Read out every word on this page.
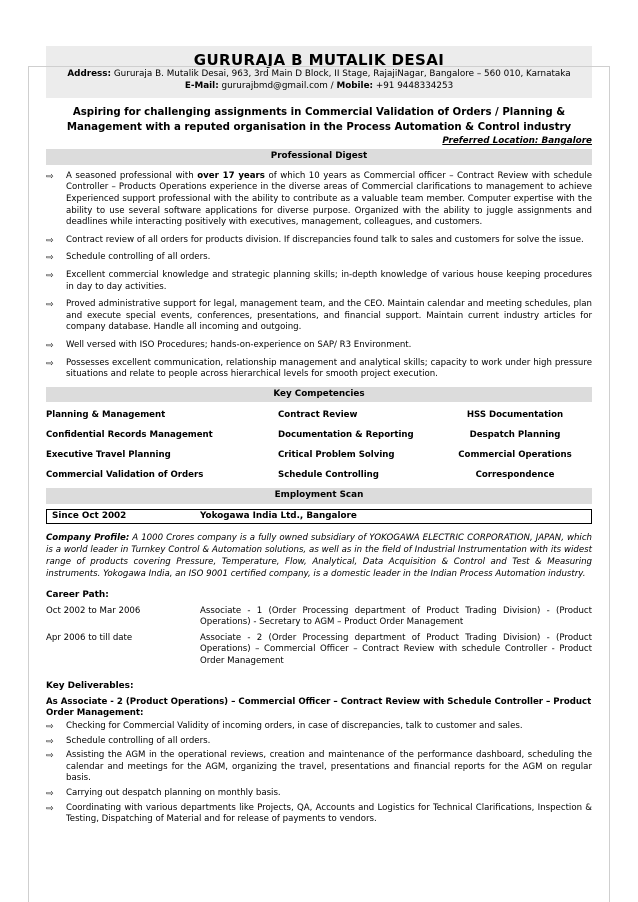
GURURAJA B MUTALIK DESAI
Address: Gururaja B. Mutalik Desai, 963, 3rd Main D Block, II Stage, RajajiNagar, Bangalore – 560 010, Karnataka
E-Mail: gururajbmd@gmail.com / Mobile: +91 9448334253
Aspiring for challenging assignments in Commercial Validation of Orders / Planning & Management with a reputed organisation in the Process Automation & Control industry
Preferred Location: Bangalore
Professional Digest
⇨ A seasoned professional with over 17 years of which 10 years as Commercial officer – Contract Review with schedule Controller – Products Operations experience in the diverse areas of Commercial clarifications to management to achieve Experienced support professional with the ability to contribute as a valuable team member. Computer expertise with the ability to use several software applications for diverse purpose. Organized with the ability to juggle assignments and deadlines while interacting positively with executives, management, colleagues, and customers.
⇨ Contract review of all orders for products division. If discrepancies found talk to sales and customers for solve the issue.
⇨ Schedule controlling of all orders.
⇨ Excellent commercial knowledge and strategic planning skills; in-depth knowledge of various house keeping procedures in day to day activities.
⇨ Proved administrative support for legal, management team, and the CEO. Maintain calendar and meeting schedules, plan and execute special events, conferences, presentations, and financial support. Maintain current industry articles for company database. Handle all incoming and outgoing.
⇨ Well versed with ISO Procedures; hands-on-experience on SAP/ R3 Environment.
⇨ Possesses excellent communication, relationship management and analytical skills; capacity to work under high pressure situations and relate to people across hierarchical levels for smooth project execution.
Key Competencies
Planning & Management	Contract Review	HSS Documentation
Confidential Records Management	Documentation & Reporting	Despatch Planning
Executive Travel Planning	Critical Problem Solving	Commercial Operations
Commercial Validation of Orders	Schedule Controlling	Correspondence
Employment Scan
Since Oct 2002	Yokogawa India Ltd., Bangalore
Company Profile: A 1000 Crores company is a fully owned subsidiary of YOKOGAWA ELECTRIC CORPORATION, JAPAN, which is a world leader in Turnkey Control & Automation solutions, as well as in the field of Industrial Instrumentation with its widest range of products covering Pressure, Temperature, Flow, Analytical, Data Acquisition & Control and Test & Measuring instruments. Yokogawa India, an ISO 9001 certified company, is a domestic leader in the Indian Process Automation industry.
Career Path:
Oct 2002 to Mar 2006	Associate - 1 (Order Processing department of Product Trading Division) - (Product Operations) - Secretary to AGM – Product Order Management
Apr 2006 to till date	Associate - 2 (Order Processing department of Product Trading Division) - (Product Operations) – Commercial Officer – Contract Review with schedule Controller - Product Order Management
Key Deliverables:
As Associate - 2 (Product Operations) – Commercial Officer – Contract Review with Schedule Controller – Product Order Management:
⇨ Checking for Commercial Validity of incoming orders, in case of discrepancies, talk to customer and sales.
⇨ Schedule controlling of all orders.
⇨ Assisting the AGM in the operational reviews, creation and maintenance of the performance dashboard, scheduling the calendar and meetings for the AGM, organizing the travel, presentations and financial reports for the AGM on regular basis.
⇨ Carrying out despatch planning on monthly basis.
⇨ Coordinating with various departments like Projects, QA, Accounts and Logistics for Technical Clarifications, Inspection & Testing, Dispatching of Material and for release of payments to vendors.
